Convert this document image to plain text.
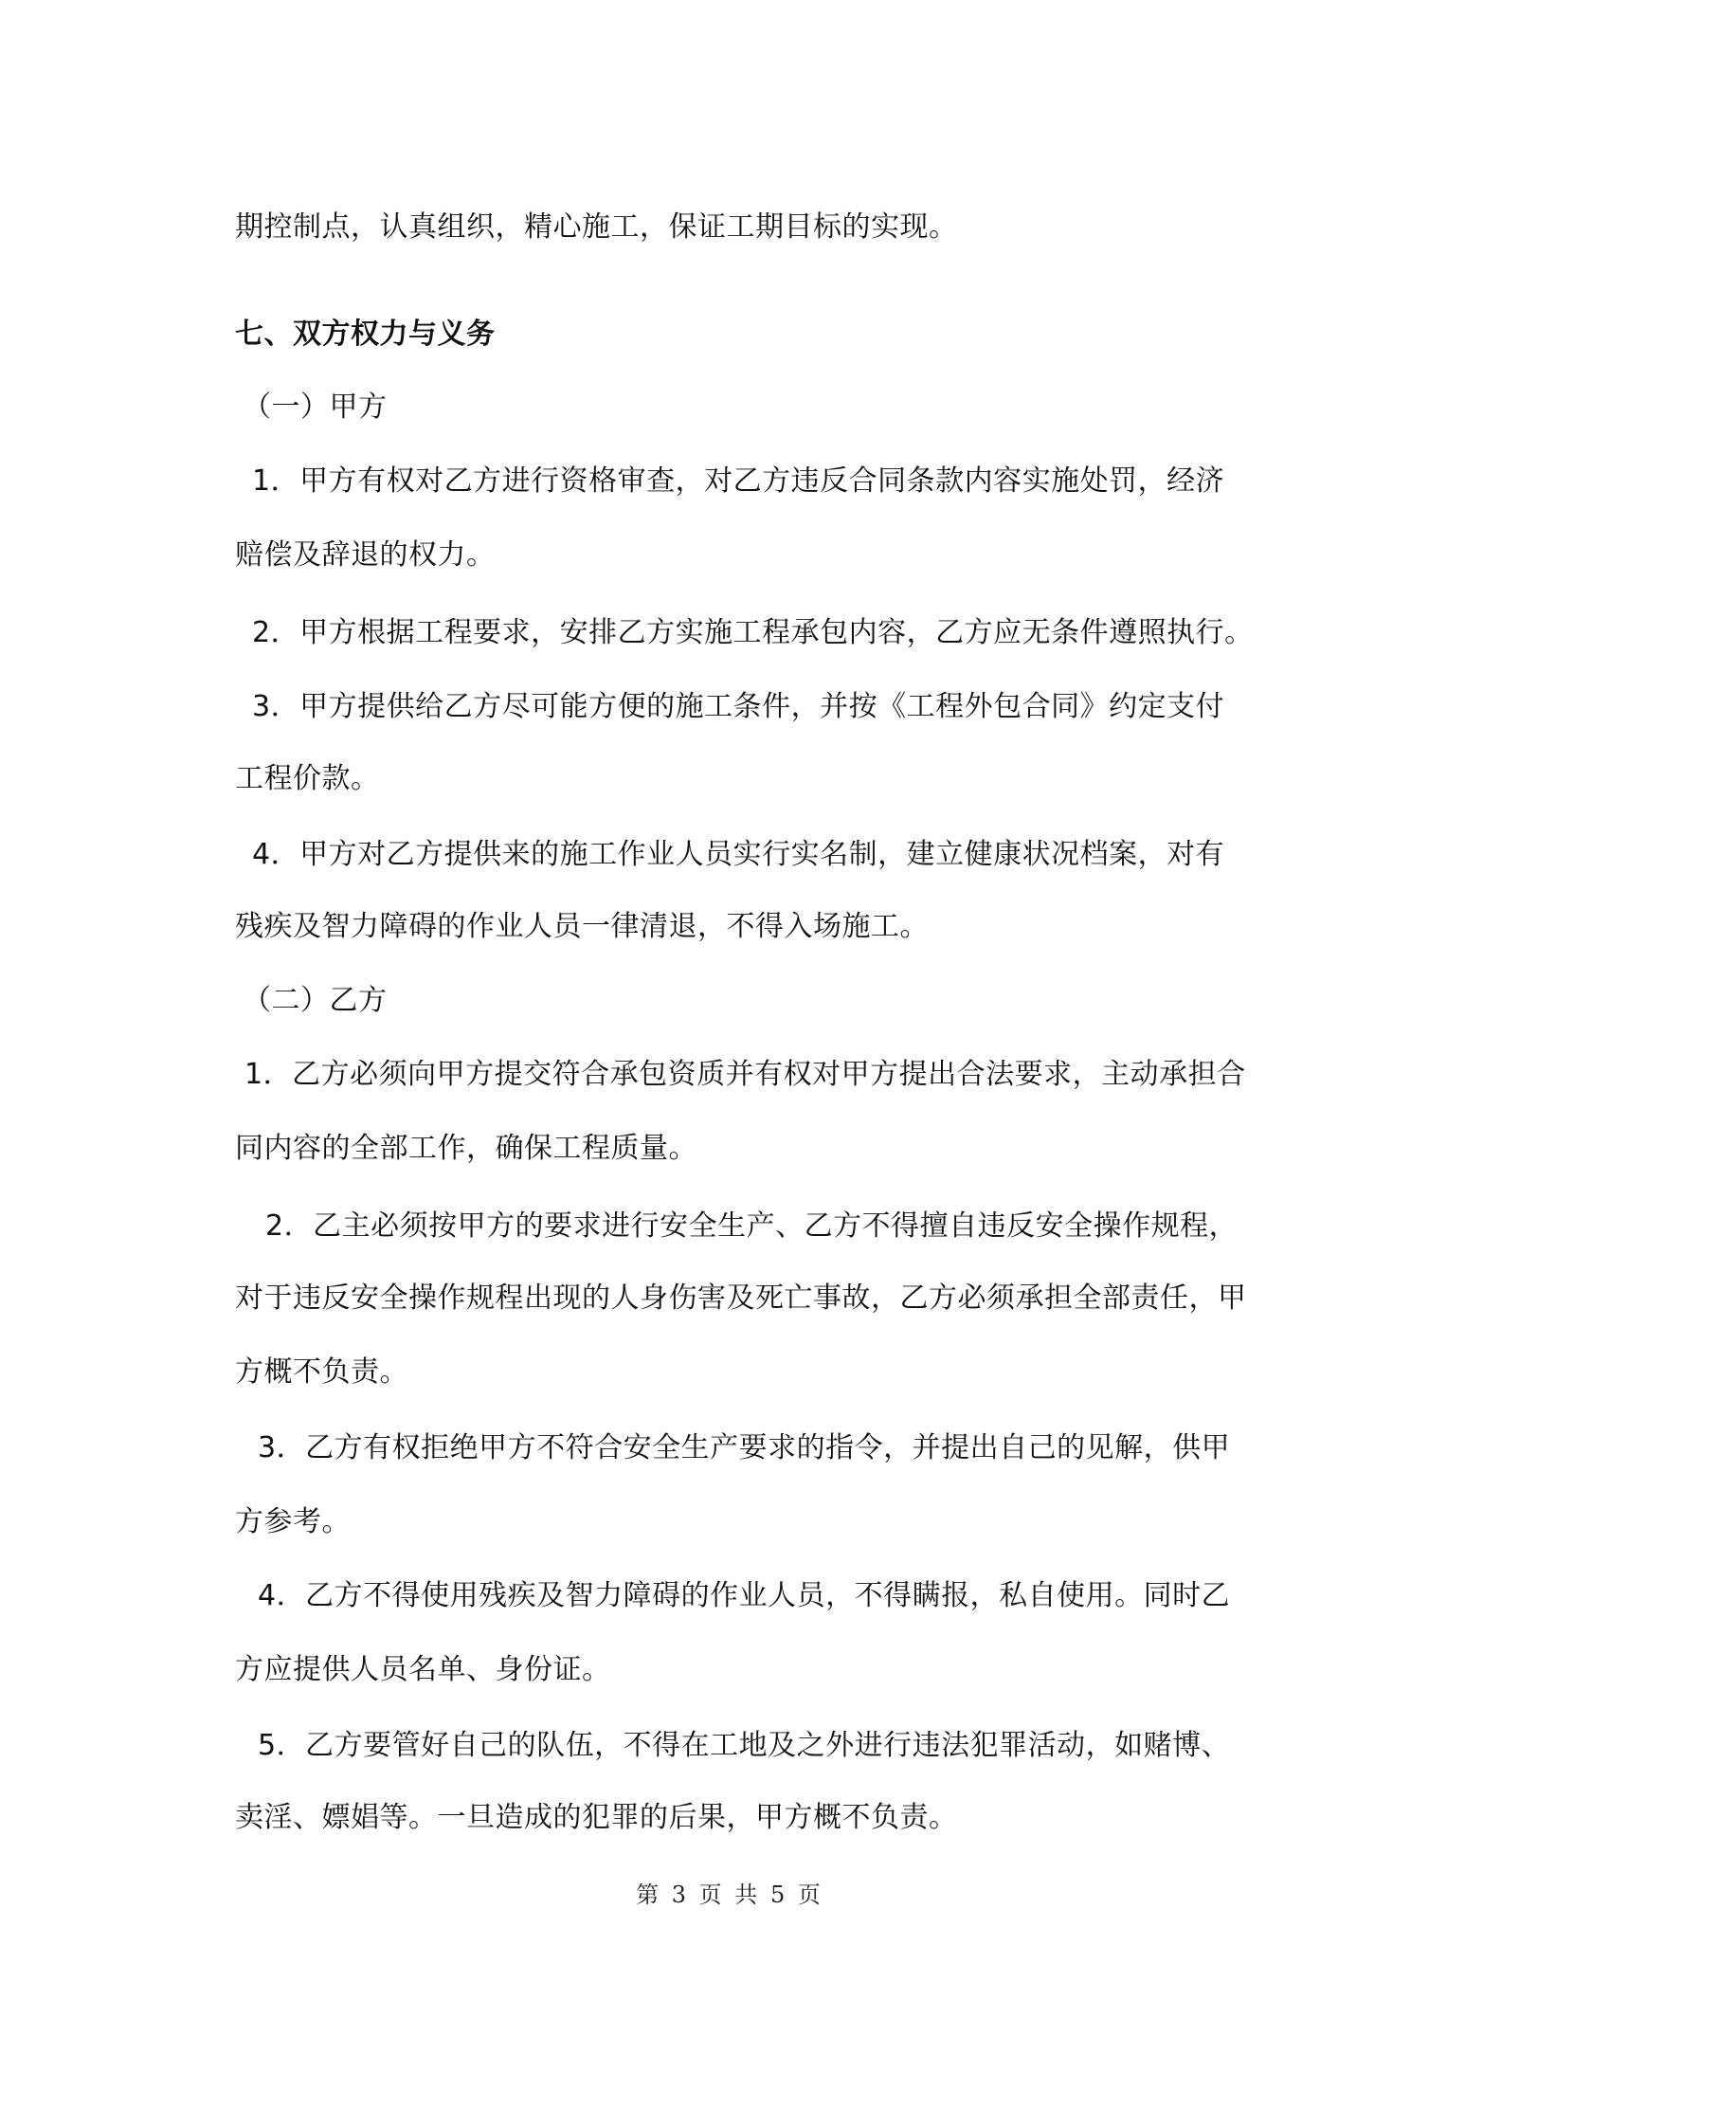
期控制点，认真组织，精心施工，保证工期目标的实现。
七、双方权力与义务
（一）甲方
1．甲方有权对乙方进行资格审查，对乙方违反合同条款内容实施处罚，经济
赔偿及辞退的权力。
2．甲方根据工程要求，安排乙方实施工程承包内容，乙方应无条件遵照执行。
3．甲方提供给乙方尽可能方便的施工条件，并按《工程外包合同》约定支付
工程价款。
4．甲方对乙方提供来的施工作业人员实行实名制，建立健康状况档案，对有
残疾及智力障碍的作业人员一律清退，不得入场施工。
（二）乙方
1．乙方必须向甲方提交符合承包资质并有权对甲方提出合法要求，主动承担合
同内容的全部工作，确保工程质量。
2．乙主必须按甲方的要求进行安全生产、乙方不得擅自违反安全操作规程，
对于违反安全操作规程出现的人身伤害及死亡事故，乙方必须承担全部责任，甲
方概不负责。
3．乙方有权拒绝甲方不符合安全生产要求的指令，并提出自己的见解，供甲
方参考。
4．乙方不得使用残疾及智力障碍的作业人员，不得瞒报，私自使用。同时乙
方应提供人员名单、身份证。
5．乙方要管好自己的队伍，不得在工地及之外进行违法犯罪活动，如赌博、
卖淫、嫖娼等。一旦造成的犯罪的后果，甲方概不负责。
第 3 页 共 5 页
